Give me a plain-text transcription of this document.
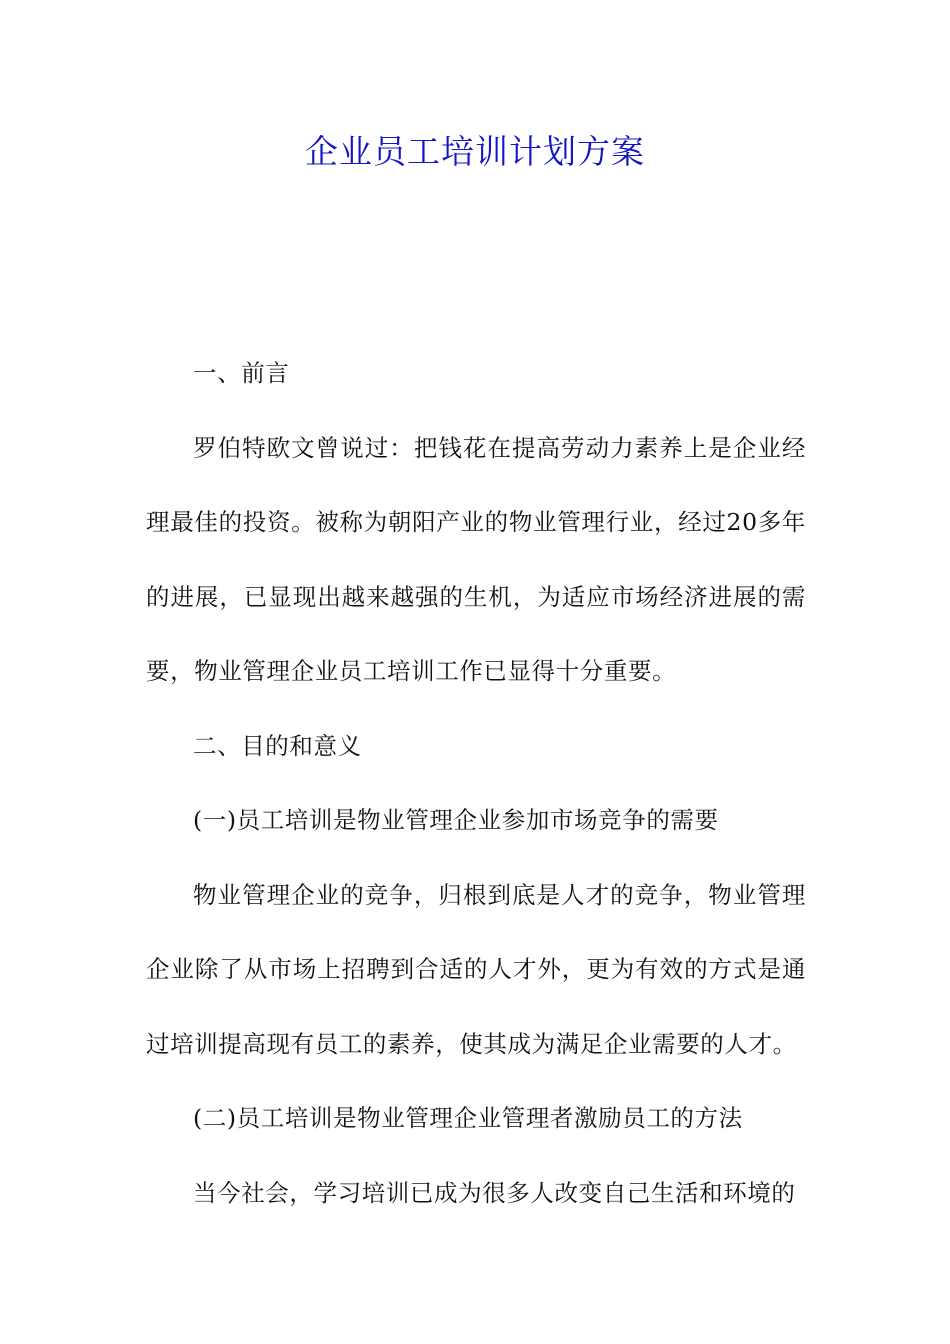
企业员工培训计划方案

一、前言

罗伯特欧文曾说过：把钱花在提高劳动力素养上是企业经理最佳的投资。被称为朝阳产业的物业管理行业，经过20多年的进展，已显现出越来越强的生机，为适应市场经济进展的需要，物业管理企业员工培训工作已显得十分重要。

二、目的和意义

(一)员工培训是物业管理企业参加市场竞争的需要

物业管理企业的竞争，归根到底是人才的竞争，物业管理企业除了从市场上招聘到合适的人才外，更为有效的方式是通过培训提高现有员工的素养，使其成为满足企业需要的人才。

(二)员工培训是物业管理企业管理者激励员工的方法

当今社会，学习培训已成为很多人改变自己生活和环境的
